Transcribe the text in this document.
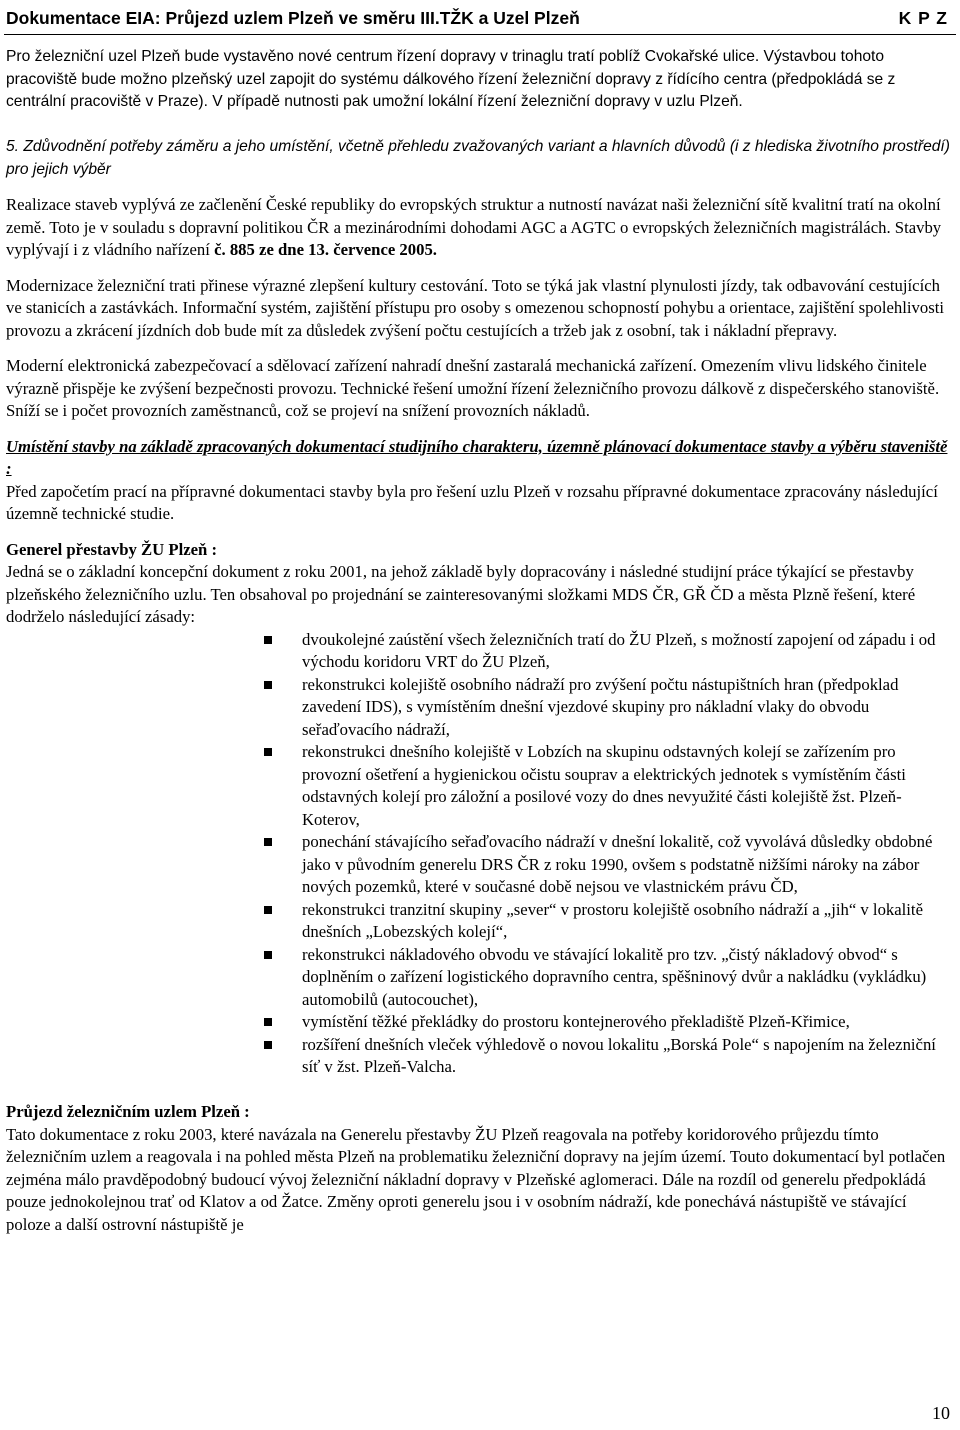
Dokumentace EIA: Průjezd uzlem Plzeň ve směru III.TŽK a Uzel Plzeň	K P Z

Pro železniční uzel Plzeň bude vystavěno nové centrum řízení dopravy v trinaglu tratí poblíž Cvokařské ulice. Výstavbou tohoto pracoviště bude možno plzeňský uzel zapojit do systému dálkového řízení železniční dopravy z řídícího centra (předpokládá se z centrální pracoviště v Praze). V případě nutnosti pak umožní lokální řízení železniční dopravy v uzlu Plzeň.

5. Zdůvodnění potřeby záměru a jeho umístění, včetně přehledu zvažovaných variant a hlavních důvodů (i z hlediska životního prostředí) pro jejich výběr

Realizace staveb vyplývá ze začlenění České republiky do evropských struktur a nutností navázat naši železniční sítě kvalitní tratí na okolní země. Toto je v souladu s dopravní politikou ČR a mezinárodními dohodami AGC a AGTC o evropských železničních magistrálách. Stavby vyplývají i z vládního nařízení č. 885 ze dne 13. července 2005.

Modernizace železniční trati přinese výrazné zlepšení kultury cestování. Toto se týká jak vlastní plynulosti jízdy, tak odbavování cestujících ve stanicích a zastávkách. Informační systém, zajištění přístupu pro osoby s omezenou schopností pohybu a orientace, zajištění spolehlivosti provozu a zkrácení jízdních dob bude mít za důsledek zvýšení počtu cestujících a tržeb jak z osobní, tak i nákladní přepravy.

Moderní elektronická zabezpečovací a sdělovací zařízení nahradí dnešní zastaralá mechanická zařízení. Omezením vlivu lidského činitele výrazně přispěje ke zvýšení bezpečnosti provozu. Technické řešení umožní řízení železničního provozu dálkově z dispečerského stanoviště. Sníží se i počet provozních zaměstnanců, což se projeví na snížení provozních nákladů.

Umístění stavby na základě zpracovaných dokumentací studijního charakteru, územně plánovací dokumentace stavby a výběru staveniště :

Před započetím prací na přípravné dokumentaci stavby byla pro řešení uzlu Plzeň v rozsahu přípravné dokumentace zpracovány následující územně technické studie.

Generel přestavby ŽU Plzeň :

Jedná se o základní koncepční dokument z roku 2001, na jehož základě byly dopracovány i následné studijní práce týkající se přestavby plzeňského železničního uzlu. Ten obsahoval po projednání se zainteresovanými složkami MDS ČR, GŘ ČD a města Plzně řešení, které dodrželo následující zásady:

dvoukolejné zaústění všech železničních tratí do ŽU Plzeň, s možností zapojení od západu i od východu koridoru VRT do ŽU Plzeň,
rekonstrukci kolejiště osobního nádraží pro zvýšení počtu nástupištních hran (předpoklad zavedení IDS), s vymístěním dnešní vjezdové skupiny pro nákladní vlaky do obvodu seřaďovacího nádraží,
rekonstrukci dnešního kolejiště v Lobzích na skupinu odstavných kolejí se zařízením pro provozní ošetření a hygienickou očistu souprav a elektrických jednotek s vymístěním části odstavných kolejí pro záložní a posilové vozy do dnes nevyužité části kolejiště žst. Plzeň- Koterov,
ponechání stávajícího seřaďovacího nádraží v dnešní lokalitě, což vyvolává důsledky obdobné jako v původním generelu DRS ČR z roku 1990, ovšem s podstatně nižšími nároky na zábor nových pozemků, které v současné době nejsou ve vlastnickém právu ČD,
rekonstrukci tranzitní skupiny „sever“ v prostoru kolejiště osobního nádraží a „jih“ v lokalitě dnešních „Lobezských kolejí“,
rekonstrukci nákladového obvodu ve stávající lokalitě pro tzv. „čistý nákladový obvod“ s doplněním o zařízení logistického dopravního centra, spěšninový dvůr a nakládku (vykládku) automobilů (autocouchet),
vymístění těžké překládky do prostoru kontejnerového překladiště Plzeň-Křimice,
rozšíření dnešních vleček výhledově o novou lokalitu „Borská Pole“ s napojením na železniční síť v žst. Plzeň-Valcha.

Průjezd železničním uzlem Plzeň :

Tato dokumentace z roku 2003, které navázala na Generelu přestavby ŽU Plzeň reagovala na potřeby koridorového průjezdu tímto železničním uzlem a reagovala i na pohled města Plzeň na problematiku železniční dopravy na jejím území. Touto dokumentací byl potlačen zejména málo pravděpodobný budoucí vývoj železniční nákladní dopravy v Plzeňské aglomeraci. Dále na rozdíl od generelu předpokládá pouze jednokolejnou trať od Klatov a od Žatce. Změny oproti generelu jsou i v osobním nádraží, kde ponechává nástupiště ve stávající poloze a další ostrovní nástupiště je

10
